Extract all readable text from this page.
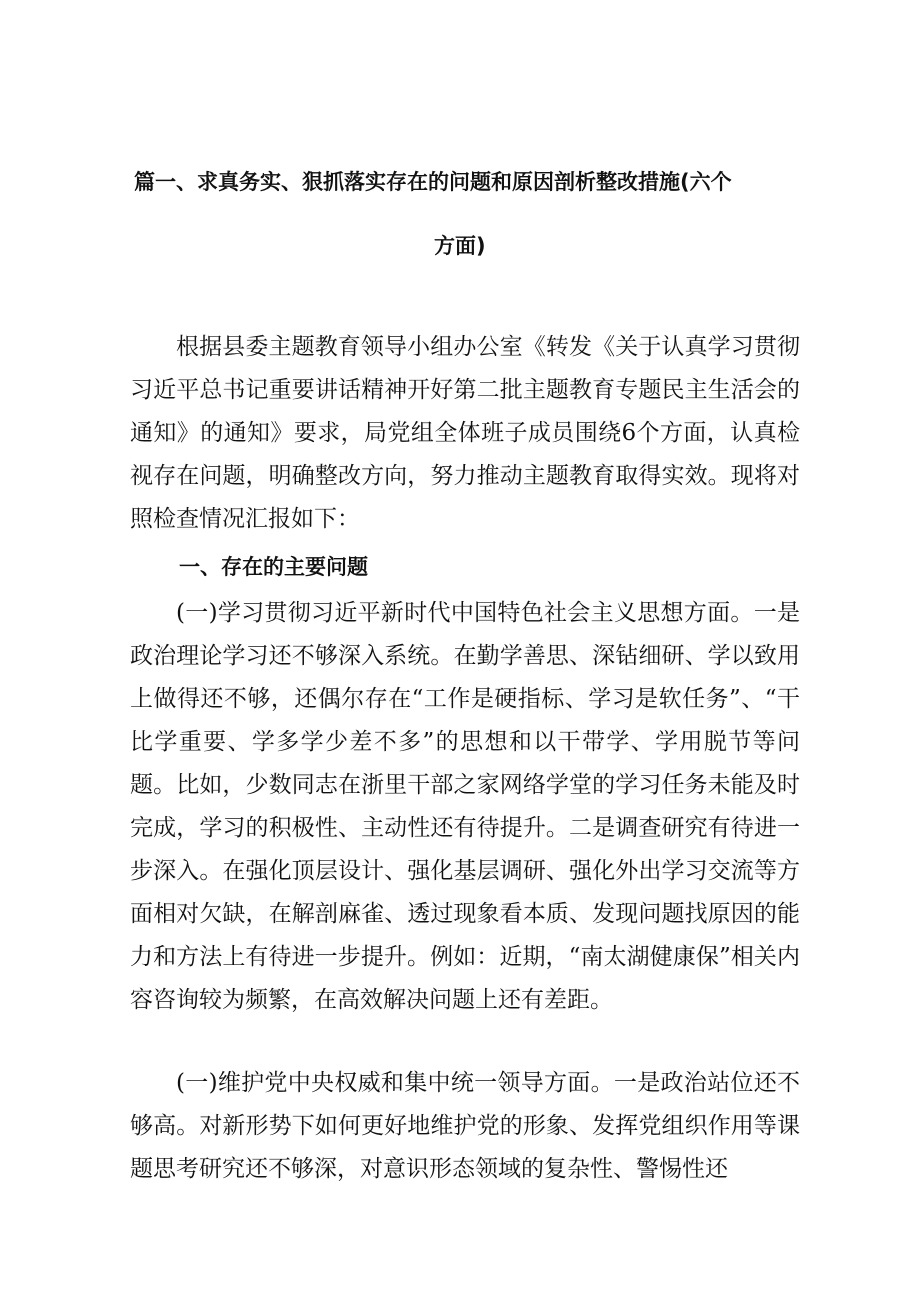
篇一、求真务实、狠抓落实存在的问题和原因剖析整改措施(六个
方面)

根据县委主题教育领导小组办公室《转发《关于认真学习贯彻习近平总书记重要讲话精神开好第二批主题教育专题民主生活会的通知》的通知》要求，局党组全体班子成员围绕6个方面，认真检视存在问题，明确整改方向，努力推动主题教育取得实效。现将对照检查情况汇报如下：

一、存在的主要问题

(一)学习贯彻习近平新时代中国特色社会主义思想方面。一是政治理论学习还不够深入系统。在勤学善思、深钻细研、学以致用上做得还不够，还偶尔存在“工作是硬指标、学习是软任务”、“干比学重要、学多学少差不多”的思想和以干带学、学用脱节等问题。比如，少数同志在浙里干部之家网络学堂的学习任务未能及时完成，学习的积极性、主动性还有待提升。二是调查研究有待进一步深入。在强化顶层设计、强化基层调研、强化外出学习交流等方面相对欠缺，在解剖麻雀、透过现象看本质、发现问题找原因的能力和方法上有待进一步提升。例如：近期，“南太湖健康保”相关内容咨询较为频繁，在高效解决问题上还有差距。

(一)维护党中央权威和集中统一领导方面。一是政治站位还不够高。对新形势下如何更好地维护党的形象、发挥党组织作用等课题思考研究还不够深，对意识形态领域的复杂性、警惕性还
